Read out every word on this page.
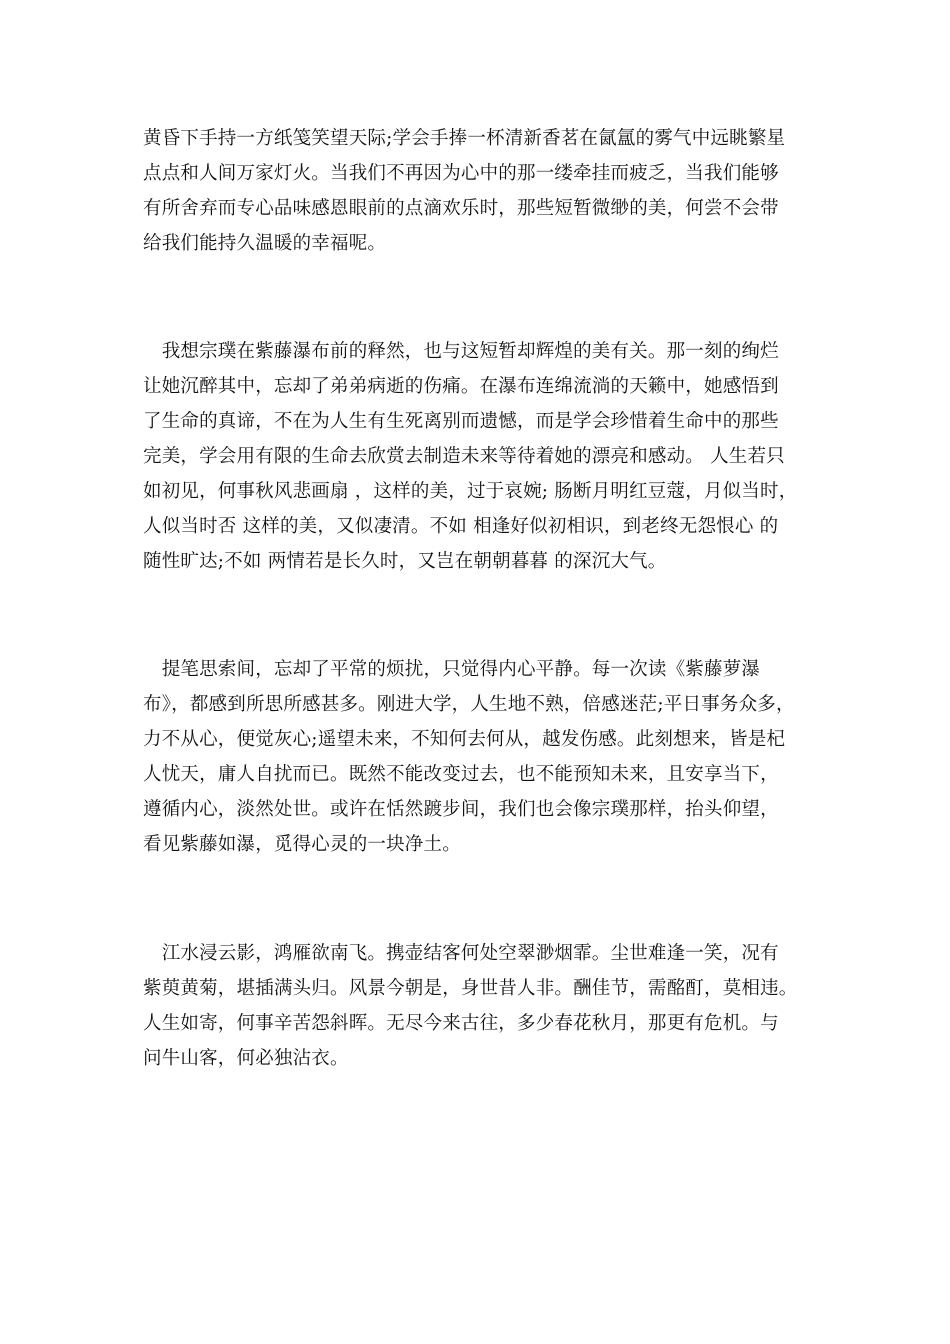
黄昏下手持一方纸笺笑望天际;学会手捧一杯清新香茗在氤氲的雾气中远眺繁星
点点和人间万家灯火。当我们不再因为心中的那一缕牵挂而疲乏，当我们能够
有所舍弃而专心品味感恩眼前的点滴欢乐时，那些短暂微缈的美，何尝不会带
给我们能持久温暖的幸福呢。
　我想宗璞在紫藤瀑布前的释然，也与这短暂却辉煌的美有关。那一刻的绚烂
让她沉醉其中，忘却了弟弟病逝的伤痛。在瀑布连绵流淌的天籁中，她感悟到
了生命的真谛，不在为人生有生死离别而遗憾，而是学会珍惜着生命中的那些
完美，学会用有限的生命去欣赏去制造未来等待着她的漂亮和感动。 人生若只
如初见，何事秋风悲画扇 ，这样的美，过于哀婉; 肠断月明红豆蔻，月似当时，
人似当时否 这样的美，又似凄清。不如 相逢好似初相识，到老终无怨恨心 的
随性旷达;不如 两情若是长久时，又岂在朝朝暮暮 的深沉大气。
　提笔思索间，忘却了平常的烦扰，只觉得内心平静。每一次读《紫藤萝瀑
布》，都感到所思所感甚多。刚进大学，人生地不熟，倍感迷茫;平日事务众多，
力不从心，便觉灰心;遥望未来，不知何去何从，越发伤感。此刻想来，皆是杞
人忧天，庸人自扰而已。既然不能改变过去，也不能预知未来，且安享当下，
遵循内心，淡然处世。或许在恬然踱步间，我们也会像宗璞那样，抬头仰望，
看见紫藤如瀑，觅得心灵的一块净土。
　江水浸云影，鸿雁欲南飞。携壶结客何处空翠渺烟霏。尘世难逢一笑，况有
紫萸黄菊，堪插满头归。风景今朝是，身世昔人非。酬佳节，需酩酊，莫相违。
人生如寄，何事辛苦怨斜晖。无尽今来古往，多少春花秋月，那更有危机。与
问牛山客，何必独沾衣。
